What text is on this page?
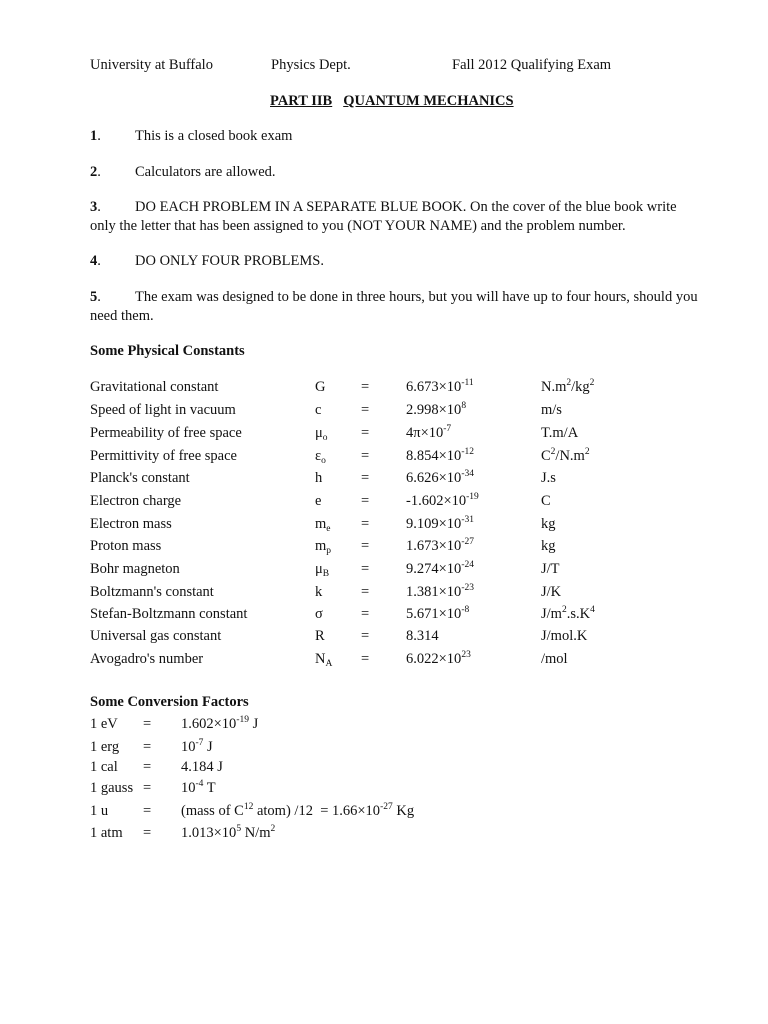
University at Buffalo	Physics Dept.	Fall 2012 Qualifying Exam
PART IIB QUANTUM MECHANICS
1. This is a closed book exam
2. Calculators are allowed.
3. DO EACH PROBLEM IN A SEPARATE BLUE BOOK. On the cover of the blue book write only the letter that has been assigned to you (NOT YOUR NAME) and the problem number.
4. DO ONLY FOUR PROBLEMS.
5. The exam was designed to be done in three hours, but you will have up to four hours, should you need them.
Some Physical Constants
Gravitational constant	G =	$6.673\times 10^{-11}$	$N.m^2/kg^2$
Speed of light in vacuum	c	=	$2.998\times 10^8$	m/s
Permeability of free space	$\mu_o$ =	$4\pi\times 10^{-7}$	T.m/A
Permittivity of free space	$\varepsilon_o$ =	$8.854\times 10^{-12}$	$C^2/N.m^2$
Planck's constant	h	=	$6.626\times 10^{-34}$	J.s
Electron charge	e	=	$-1.602\times 10^{-19}$	C
Electron mass	$m_e$ =	$9.109\times 10^{-31}$	kg
Proton mass	$m_p$ =	$1.673\times 10^{-27}$	kg
Bohr magneton	$\mu_B$ =	$9.274\times 10^{-24}$	J/T
Boltzmann's constant	k	=	$1.381\times 10^{-23}$	J/K
Stefan-Boltzmann constant	σ	=	$5.671\times 10^{-8}$	$J/m^2.s.K^4$
Universal gas constant	R	=	8.314	J/mol.K
Avogadro's number	$N_A$ =	$6.022\times 10^{23}$	/mol
Some Conversion Factors
1 eV = $1.602\times 10^{-19}$ J
1 erg = $10^{-7}$ J
1 cal = 4.184 J
1 gauss = $10^{-4}$ T
1 u = (mass of $C^{12}$ atom) $/12 = 1.66\times 10^{-27}$ Kg
1 atm = $1.013\times 10^5$ $N/m^2$
